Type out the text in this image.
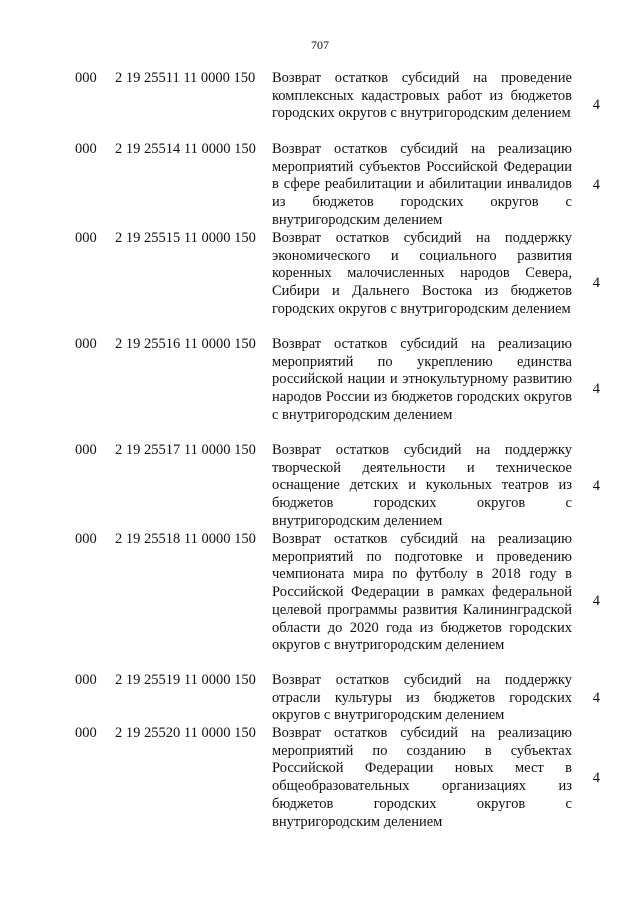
707
000 2 19 25511 11 0000 150 Возврат остатков субсидий на проведение комплексных кадастровых работ из бюджетов городских округов с внутригородским делением
4
000 2 19 25514 11 0000 150 Возврат остатков субсидий на реализацию мероприятий субъектов Российской Федерации в сфере реабилитации и абилитации инвалидов из бюджетов городских округов с внутригородским делением
4
000 2 19 25515 11 0000 150 Возврат остатков субсидий на поддержку экономического и социального развития коренных малочисленных народов Севера, Сибири и Дальнего Востока из бюджетов городских округов с внутригородским делением
4
000 2 19 25516 11 0000 150 Возврат остатков субсидий на реализацию мероприятий по укреплению единства российской нации и этнокультурному развитию народов России из бюджетов городских округов с внутригородским делением
4
000 2 19 25517 11 0000 150 Возврат остатков субсидий на поддержку творческой деятельности и техническое оснащение детских и кукольных театров из бюджетов городских округов с внутригородским делением
4
000 2 19 25518 11 0000 150 Возврат остатков субсидий на реализацию мероприятий по подготовке и проведению чемпионата мира по футболу в 2018 году в Российской Федерации в рамках федеральной целевой программы развития Калининградской области до 2020 года из бюджетов городских округов с внутригородским делением
4
000 2 19 25519 11 0000 150 Возврат остатков субсидий на поддержку отрасли культуры из бюджетов городских округов с внутригородским делением
4
000 2 19 25520 11 0000 150 Возврат остатков субсидий на реализацию мероприятий по созданию в субъектах Российской Федерации новых мест в общеобразовательных организациях из бюджетов городских округов с внутригородским делением
4
